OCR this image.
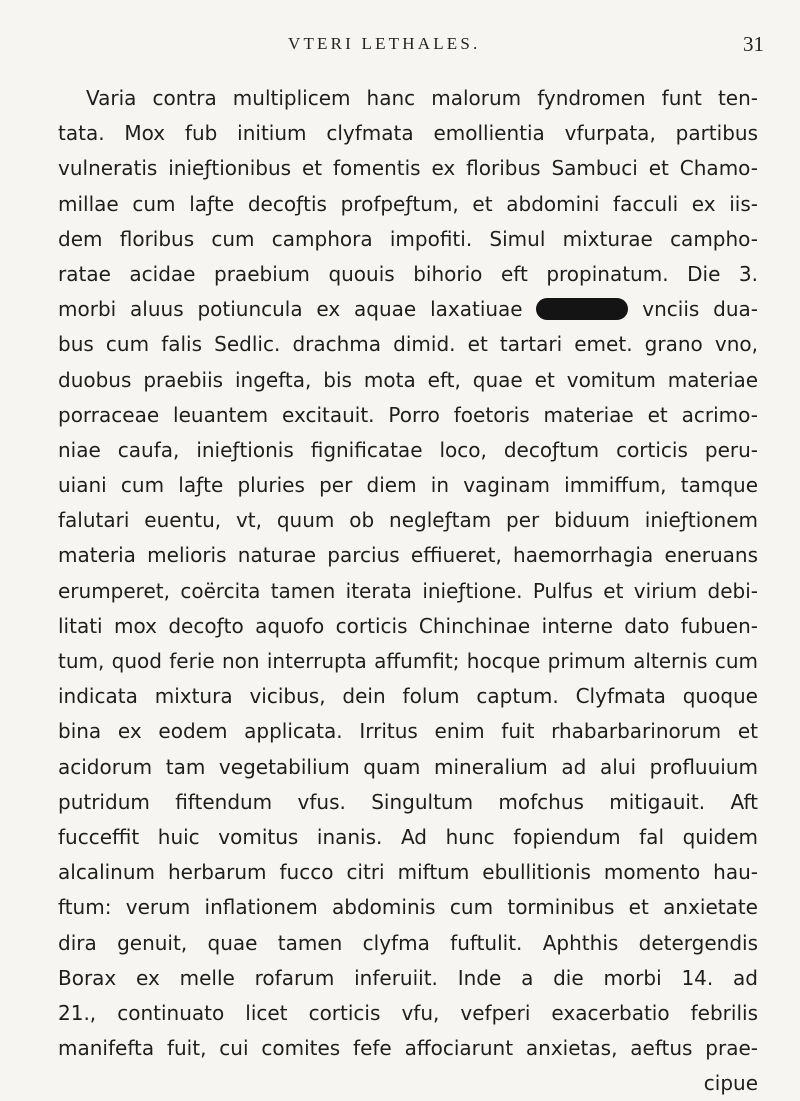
VTERI LETHALES.	31
Varia contra multiplicem hanc malorum fyndromen funt ten-
tata. Mox fub initium clyfmata emollientia vfurpata, partibus
vulneratis inieƒtionibus et fomentis ex floribus Sambuci et Chamo-
millae cum laƒte decoƒtis profpeƒtum, et abdomini facculi ex iis-
dem floribus cum camphora impofiti. Simul mixturae campho-
ratae acidae praebium quouis bihorio eft propinatum. Die 3.
morbi aluus potiuncula ex aquae laxatiuae	vnciis dua-
bus cum falis Sedlic. drachma dimid. et tartari emet. grano vno,
duobus praebiis ingefta, bis mota eft, quae et vomitum materiae
porraceae leuantem excitauit. Porro foetoris materiae et acrimo-
niae caufa, inieƒtionis fignificatae loco, decoƒtum corticis peru-
uiani cum laƒte pluries per diem in vaginam immiffum, tamque
falutari euentu, vt, quum ob negleƒtam per biduum inieƒtionem
materia melioris naturae parcius effiueret, haemorrhagia eneruans
erumperet, coërcita tamen iterata inieƒtione. Pulfus et virium debi-
litati mox decoƒto aquofo corticis Chinchinae interne dato fubuen-
tum, quod ferie non interrupta affumfit; hocque primum alternis cum
indicata mixtura vicibus, dein folum captum. Clyfmata quoque
bina ex eodem applicata. Irritus enim fuit rhabarbarinorum et
acidorum tam vegetabilium quam mineralium ad alui profluuium
putridum fiftendum vfus. Singultum mofchus mitigauit. Aft
fucceffit huic vomitus inanis. Ad hunc fopiendum fal quidem
alcalinum herbarum fucco citri miftum ebullitionis momento hau-
ftum: verum inflationem abdominis cum torminibus et anxietate
dira genuit, quae tamen clyfma fuftulit. Aphthis detergendis
Borax ex melle rofarum inferuiit. Inde a die morbi 14. ad
21., continuato licet corticis vfu, vefperi exacerbatio febrilis
manifefta fuit, cui comites fefe affociarunt anxietas, aeftus prae-
cipue
